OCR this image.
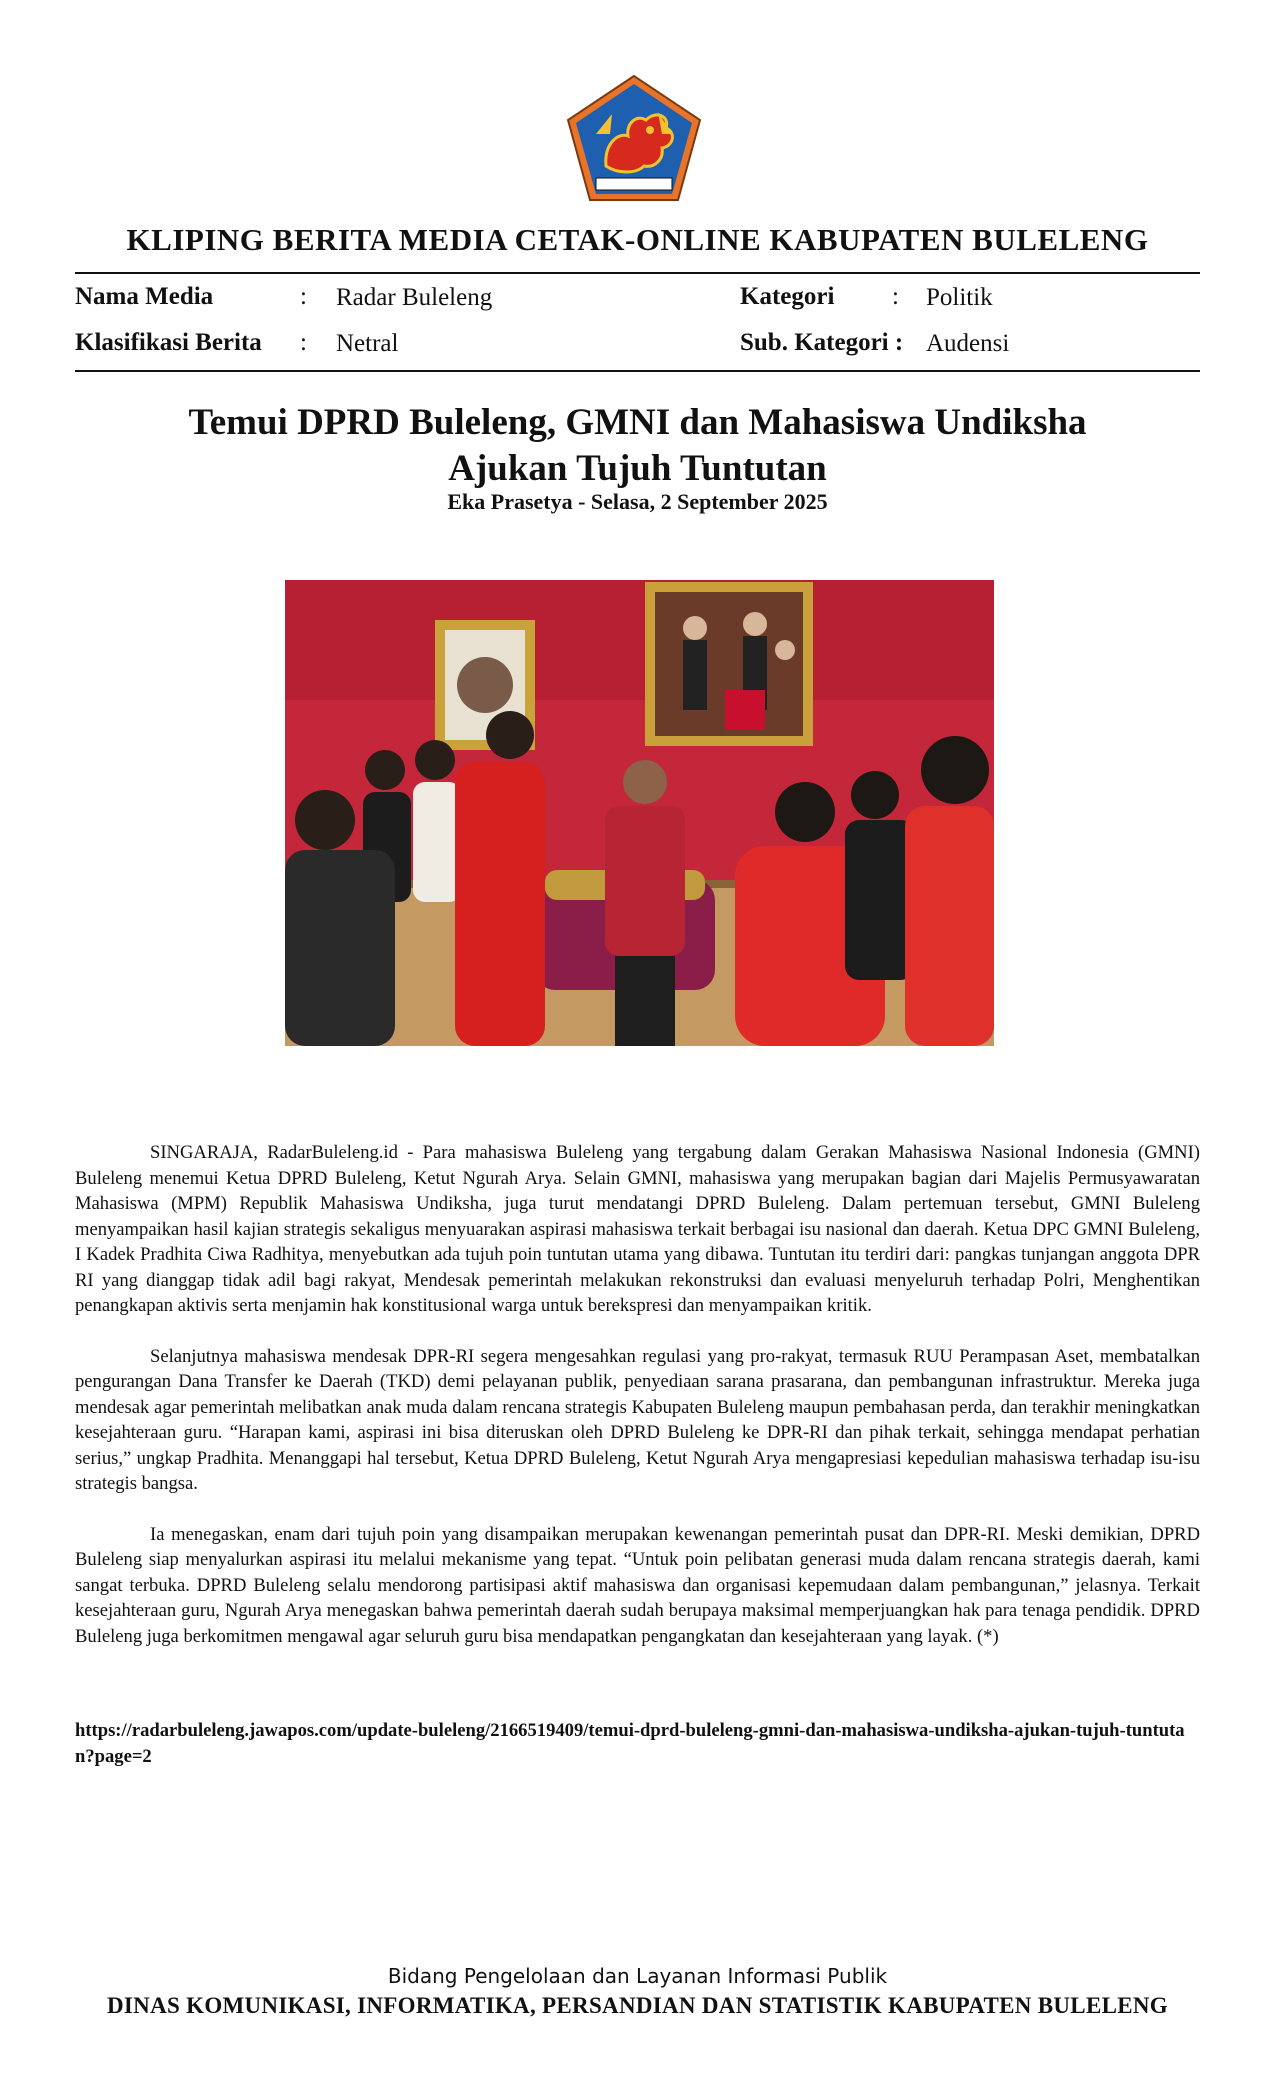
KLIPING BERITA MEDIA CETAK-ONLINE KABUPATEN BULELENG
Nama Media	: Radar Buleleng
Klasifikasi Berita : Netral
Kategori : Politik
Sub. Kategori : Audensi
Temui DPRD Buleleng, GMNI dan Mahasiswa Undiksha
Ajukan Tujuh Tuntutan
Eka Prasetya - Selasa, 2 September 2025

SINGARAJA, RadarBuleleng.id - Para mahasiswa Buleleng yang tergabung dalam Gerakan Mahasiswa Nasional Indonesia (GMNI) Buleleng menemui Ketua DPRD Buleleng, Ketut Ngurah Arya. Selain GMNI, mahasiswa yang merupakan bagian dari Majelis Permusyawaratan Mahasiswa (MPM) Republik Mahasiswa Undiksha, juga turut mendatangi DPRD Buleleng. Dalam pertemuan tersebut, GMNI Buleleng menyampaikan hasil kajian strategis sekaligus menyuarakan aspirasi mahasiswa terkait berbagai isu nasional dan daerah. Ketua DPC GMNI Buleleng, I Kadek Pradhita Ciwa Radhitya, menyebutkan ada tujuh poin tuntutan utama yang dibawa. Tuntutan itu terdiri dari: pangkas tunjangan anggota DPR RI yang dianggap tidak adil bagi rakyat, Mendesak pemerintah melakukan rekonstruksi dan evaluasi menyeluruh terhadap Polri, Menghentikan penangkapan aktivis serta menjamin hak konstitusional warga untuk berekspresi dan menyampaikan kritik.

Selanjutnya mahasiswa mendesak DPR-RI segera mengesahkan regulasi yang pro-rakyat, termasuk RUU Perampasan Aset, membatalkan pengurangan Dana Transfer ke Daerah (TKD) demi pelayanan publik, penyediaan sarana prasarana, dan pembangunan infrastruktur. Mereka juga mendesak agar pemerintah melibatkan anak muda dalam rencana strategis Kabupaten Buleleng maupun pembahasan perda, dan terakhir meningkatkan kesejahteraan guru. “Harapan kami, aspirasi ini bisa diteruskan oleh DPRD Buleleng ke DPR-RI dan pihak terkait, sehingga mendapat perhatian serius,” ungkap Pradhita. Menanggapi hal tersebut, Ketua DPRD Buleleng, Ketut Ngurah Arya mengapresiasi kepedulian mahasiswa terhadap isu-isu strategis bangsa.

Ia menegaskan, enam dari tujuh poin yang disampaikan merupakan kewenangan pemerintah pusat dan DPR-RI. Meski demikian, DPRD Buleleng siap menyalurkan aspirasi itu melalui mekanisme yang tepat. “Untuk poin pelibatan generasi muda dalam rencana strategis daerah, kami sangat terbuka. DPRD Buleleng selalu mendorong partisipasi aktif mahasiswa dan organisasi kepemudaan dalam pembangunan,” jelasnya. Terkait kesejahteraan guru, Ngurah Arya menegaskan bahwa pemerintah daerah sudah berupaya maksimal memperjuangkan hak para tenaga pendidik. DPRD Buleleng juga berkomitmen mengawal agar seluruh guru bisa mendapatkan pengangkatan dan kesejahteraan yang layak. (*)

https://radarbuleleng.jawapos.com/update-buleleng/2166519409/temui-dprd-buleleng-gmni-dan-mahasiswa-undiksha-ajukan-tujuh-tuntutan?page=2
Bidang Pengelolaan dan Layanan Informasi Publik
DINAS KOMUNIKASI, INFORMATIKA, PERSANDIAN DAN STATISTIK KABUPATEN BULELENG
